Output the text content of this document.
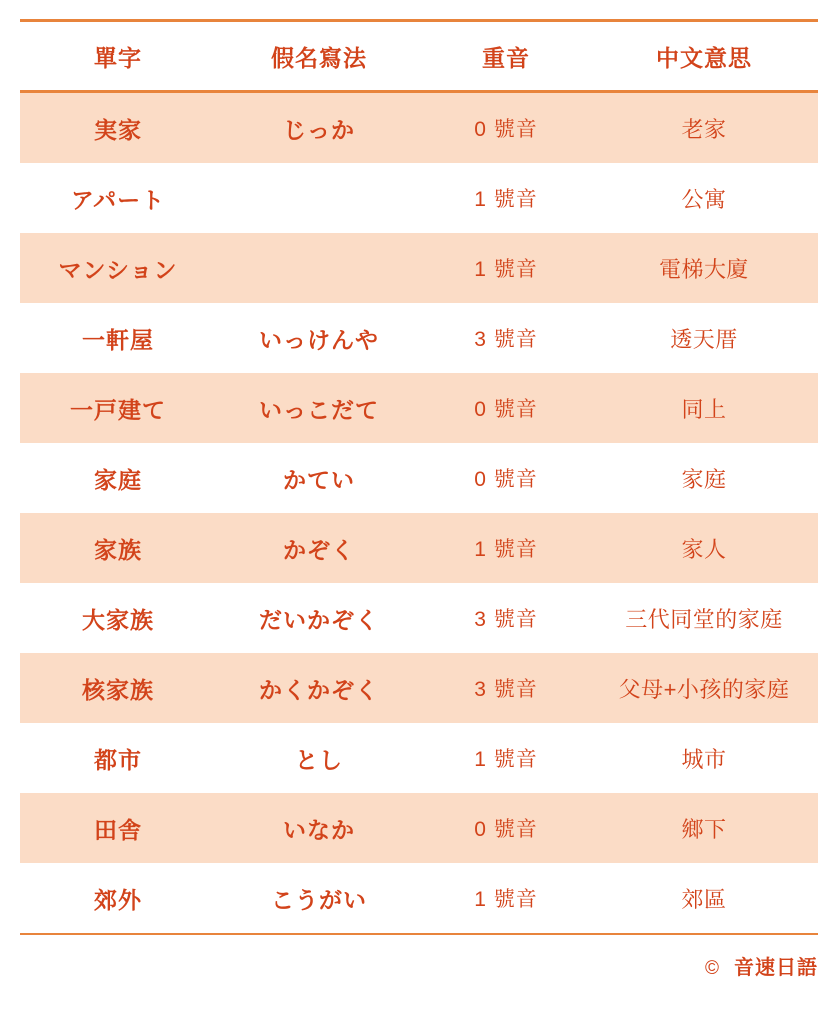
單字	假名寫法	重音	中文意思
実家	じっか	0 號音	老家
アパート		1 號音	公寓
マンション		1 號音	電梯大廈
一軒屋	いっけんや	3 號音	透天厝
一戸建て	いっこだて	0 號音	同上
家庭	かてい	0 號音	家庭
家族	かぞく	1 號音	家人
大家族	だいかぞく	3 號音	三代同堂的家庭
核家族	かくかぞく	3 號音	父母+小孩的家庭
都市	とし	1 號音	城市
田舎	いなか	0 號音	鄉下
郊外	こうがい	1 號音	郊區
© 音速日語
